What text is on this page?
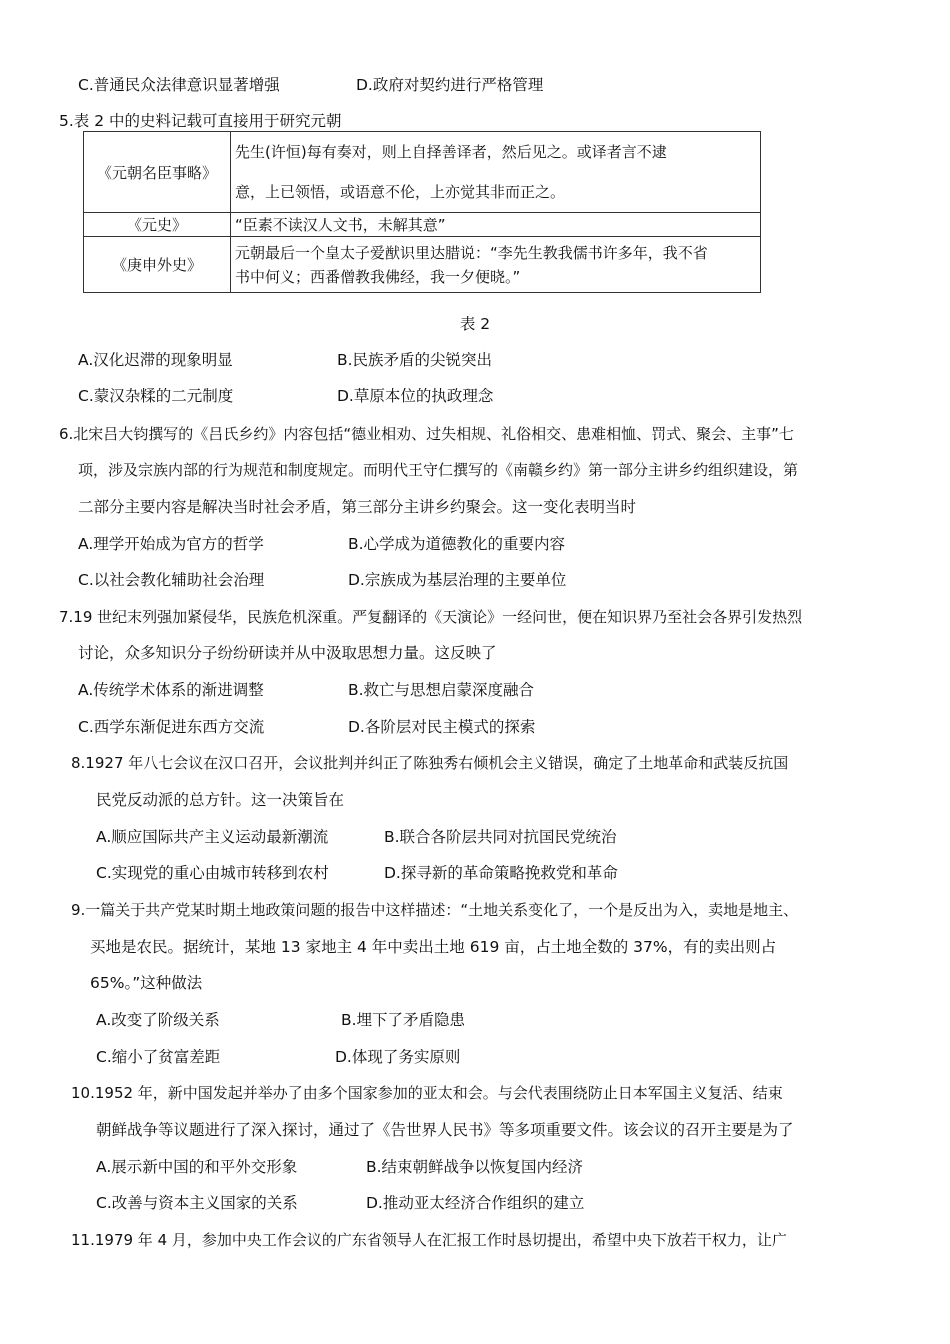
C.普通民众法律意识显著增强	D.政府对契约进行严格管理
5.表 2 中的史料记载可直接用于研究元朝
《元朝名臣事略》	先生(许恒)每有奏对，则上自择善译者，然后见之。或译者言不逮
意，上已领悟，或语意不伦，上亦觉其非而正之。

《元史》	“臣素不读汉人文书，未解其意”
《庚申外史》	元朝最后一个皇太子爱猷识里达腊说：“李先生教我儒书许多年，我不省
书中何义；西番僧教我佛经，我一夕便晓。”
表 2
A.汉化迟滞的现象明显	B.民族矛盾的尖锐突出
C.蒙汉杂糅的二元制度	D.草原本位的执政理念
6.北宋吕大钧撰写的《吕氏乡约》内容包括“德业相劝、过失相规、礼俗相交、患难相恤、罚式、聚会、主事”七
项，涉及宗族内部的行为规范和制度规定。而明代王守仁撰写的《南赣乡约》第一部分主讲乡约组织建设，第
二部分主要内容是解决当时社会矛盾，第三部分主讲乡约聚会。这一变化表明当时
A.理学开始成为官方的哲学	B.心学成为道德教化的重要内容
C.以社会教化辅助社会治理	D.宗族成为基层治理的主要单位
7.19 世纪末列强加紧侵华，民族危机深重。严复翻译的《天演论》一经问世，便在知识界乃至社会各界引发热烈
讨论，众多知识分子纷纷研读并从中汲取思想力量。这反映了
A.传统学术体系的渐进调整	B.救亡与思想启蒙深度融合
C.西学东渐促进东西方交流	D.各阶层对民主模式的探索
8.1927 年八七会议在汉口召开，会议批判并纠正了陈独秀右倾机会主义错误，确定了土地革命和武装反抗国
民党反动派的总方针。这一决策旨在
A.顺应国际共产主义运动最新潮流	B.联合各阶层共同对抗国民党统治
C.实现党的重心由城市转移到农村	D.探寻新的革命策略挽救党和革命
9.一篇关于共产党某时期土地政策问题的报告中这样描述：“土地关系变化了，一个是反出为入，卖地是地主、
买地是农民。据统计，某地 13 家地主 4 年中卖出土地 619 亩，占土地全数的 37%，有的卖出则占
65%。”这种做法
A.改变了阶级关系	B.埋下了矛盾隐患
C.缩小了贫富差距	D.体现了务实原则
10.1952 年，新中国发起并举办了由多个国家参加的亚太和会。与会代表围绕防止日本军国主义复活、结束
朝鲜战争等议题进行了深入探讨，通过了《告世界人民书》等多项重要文件。该会议的召开主要是为了
A.展示新中国的和平外交形象	B.结束朝鲜战争以恢复国内经济
C.改善与资本主义国家的关系	D.推动亚太经济合作组织的建立
11.1979 年 4 月，参加中央工作会议的广东省领导人在汇报工作时恳切提出，希望中央下放若干权力，让广
